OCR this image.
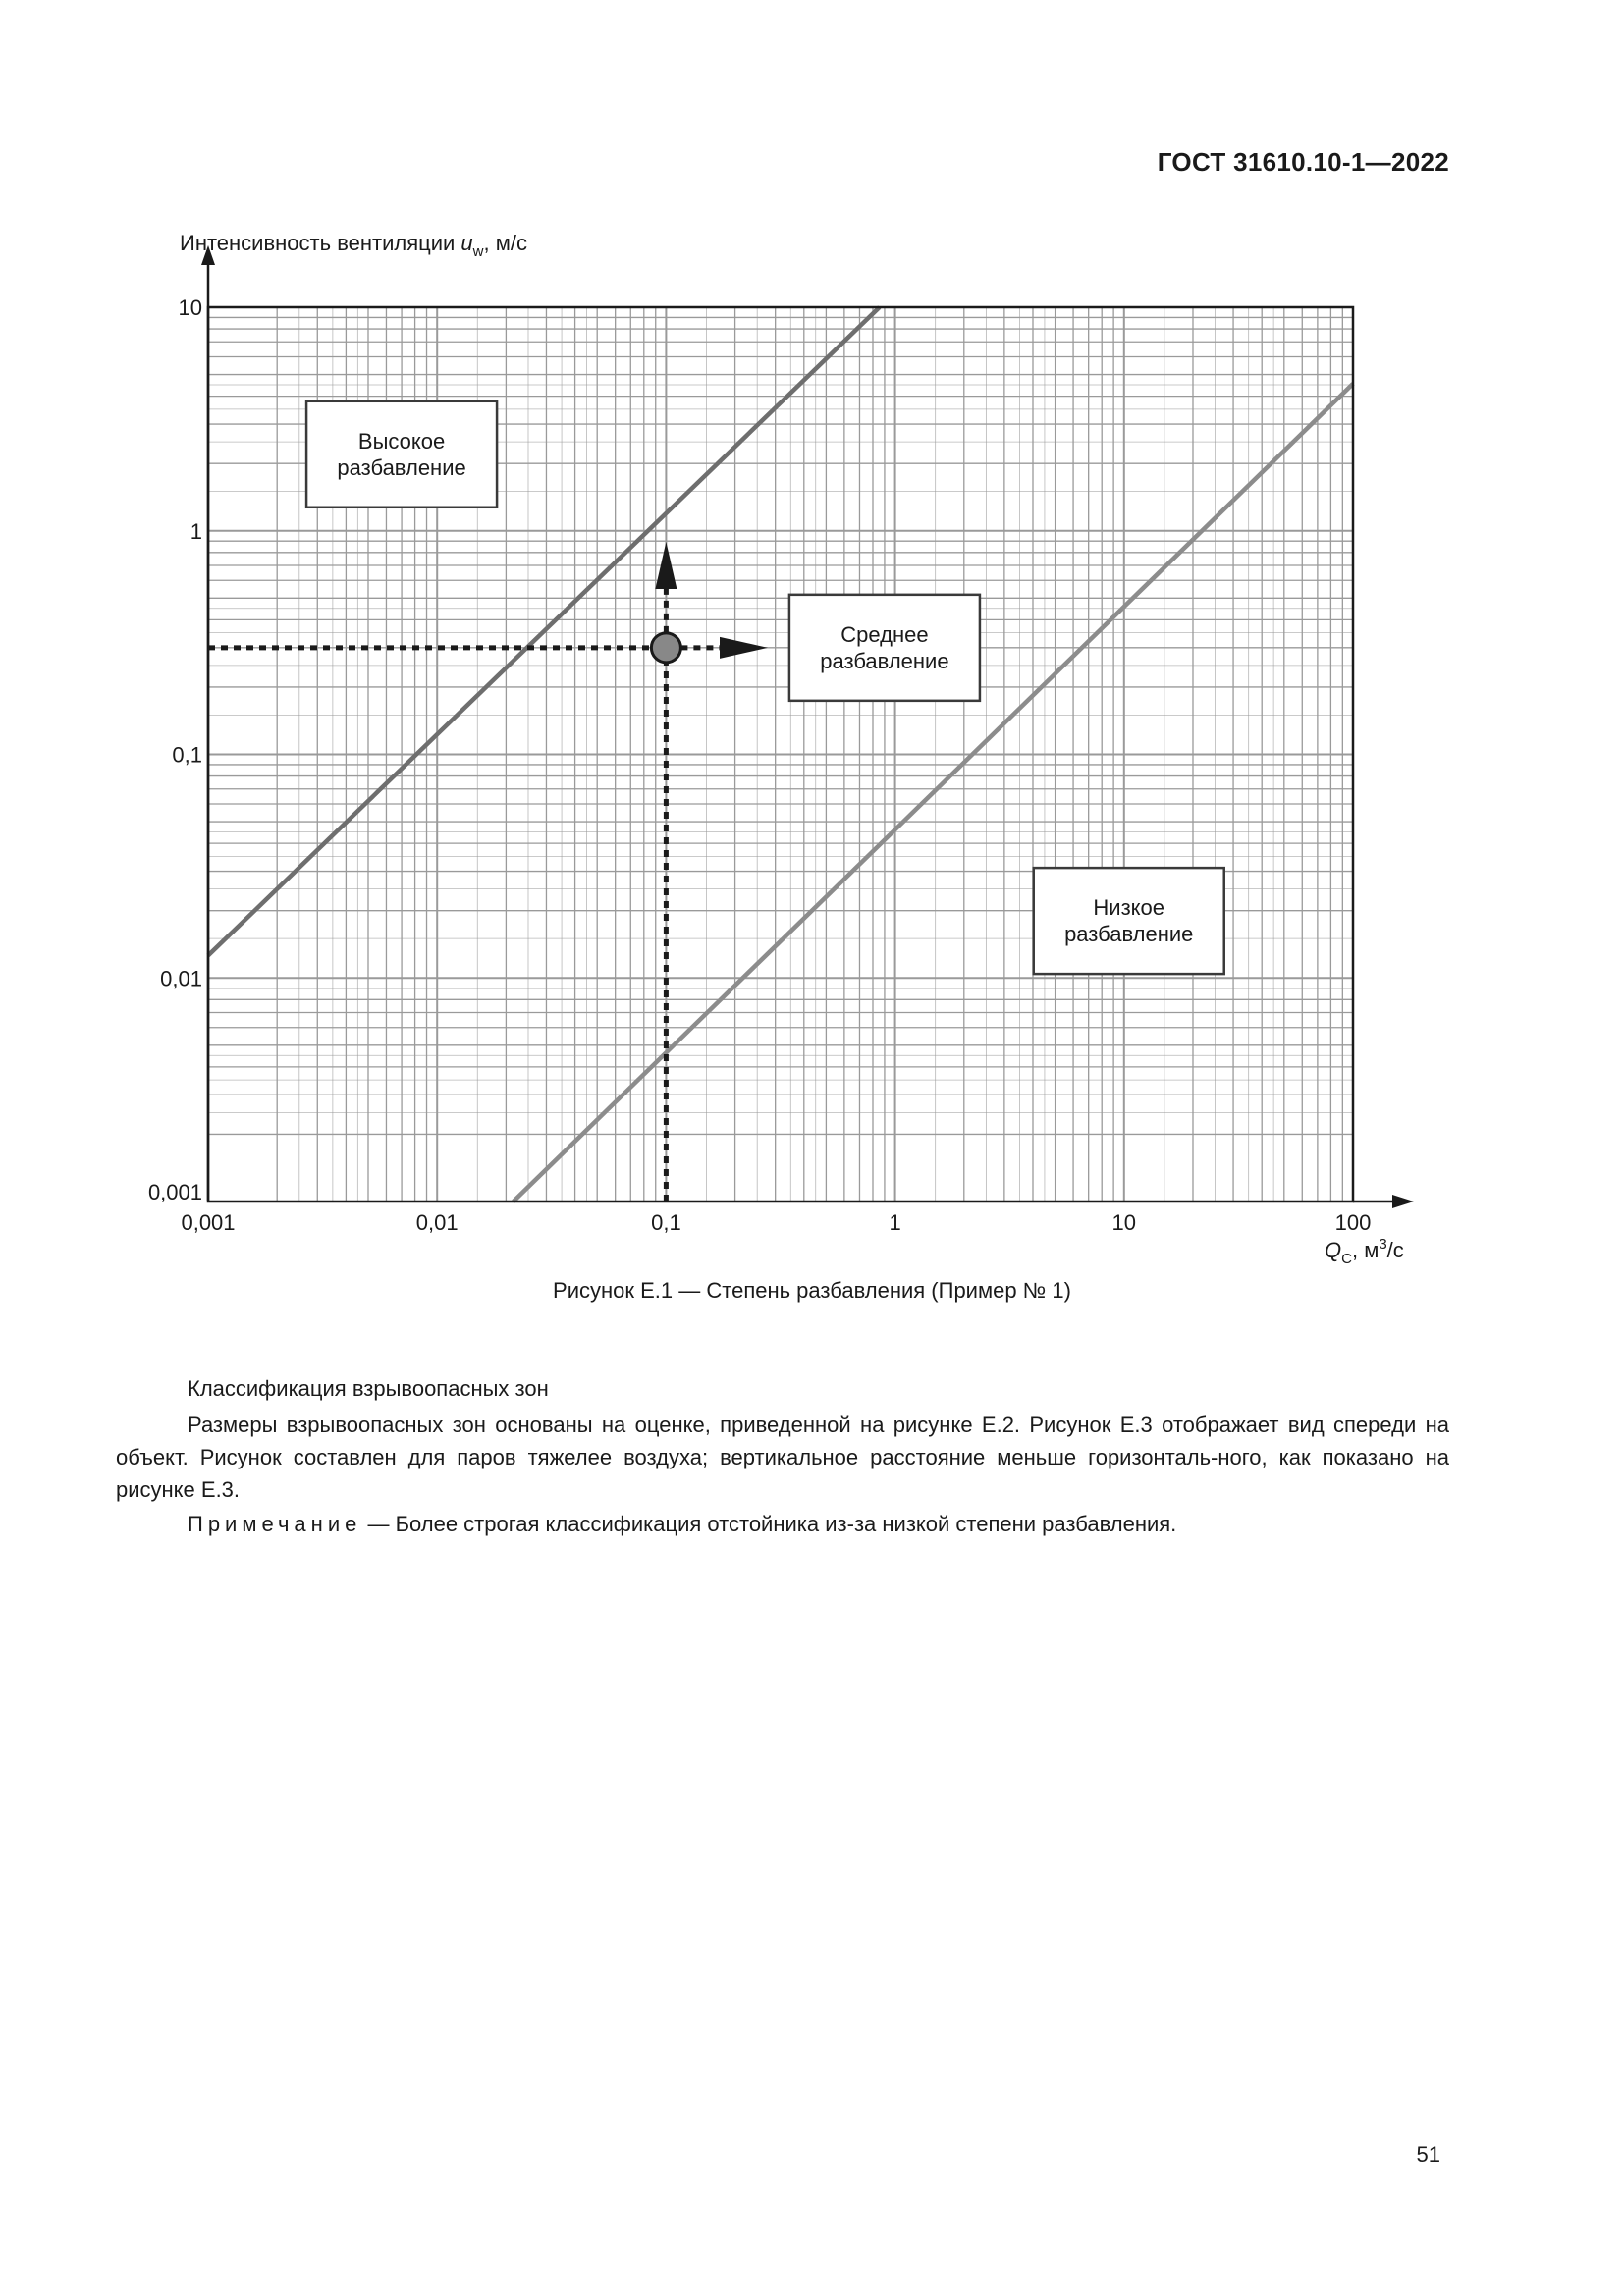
ГОСТ 31610.10-1—2022
Высокое
разбавление
Среднее
разбавление
Низкое
разбавление
0,001	0,01	0,1	1	10	100
0,001
0,01
0,1
1
10
Интенсивность вентиляции $u_w$, м/с
$Q_C$, $м^3/с$
Рисунок Е.1 — Степень разбавления (Пример № 1)
Классификация взрывоопасных зон

Размеры взрывоопасных зон основаны на оценке, приведенной на рисунке Е.2. Рисунок Е.3 отображает вид спереди на объект. Рисунок составлен для паров тяжелее воздуха; вертикальное расстояние меньше горизонталь-ного, как показано на рисунке Е.3.

Примечание — Более строгая классификация отстойника из-за низкой степени разбавления.
51
